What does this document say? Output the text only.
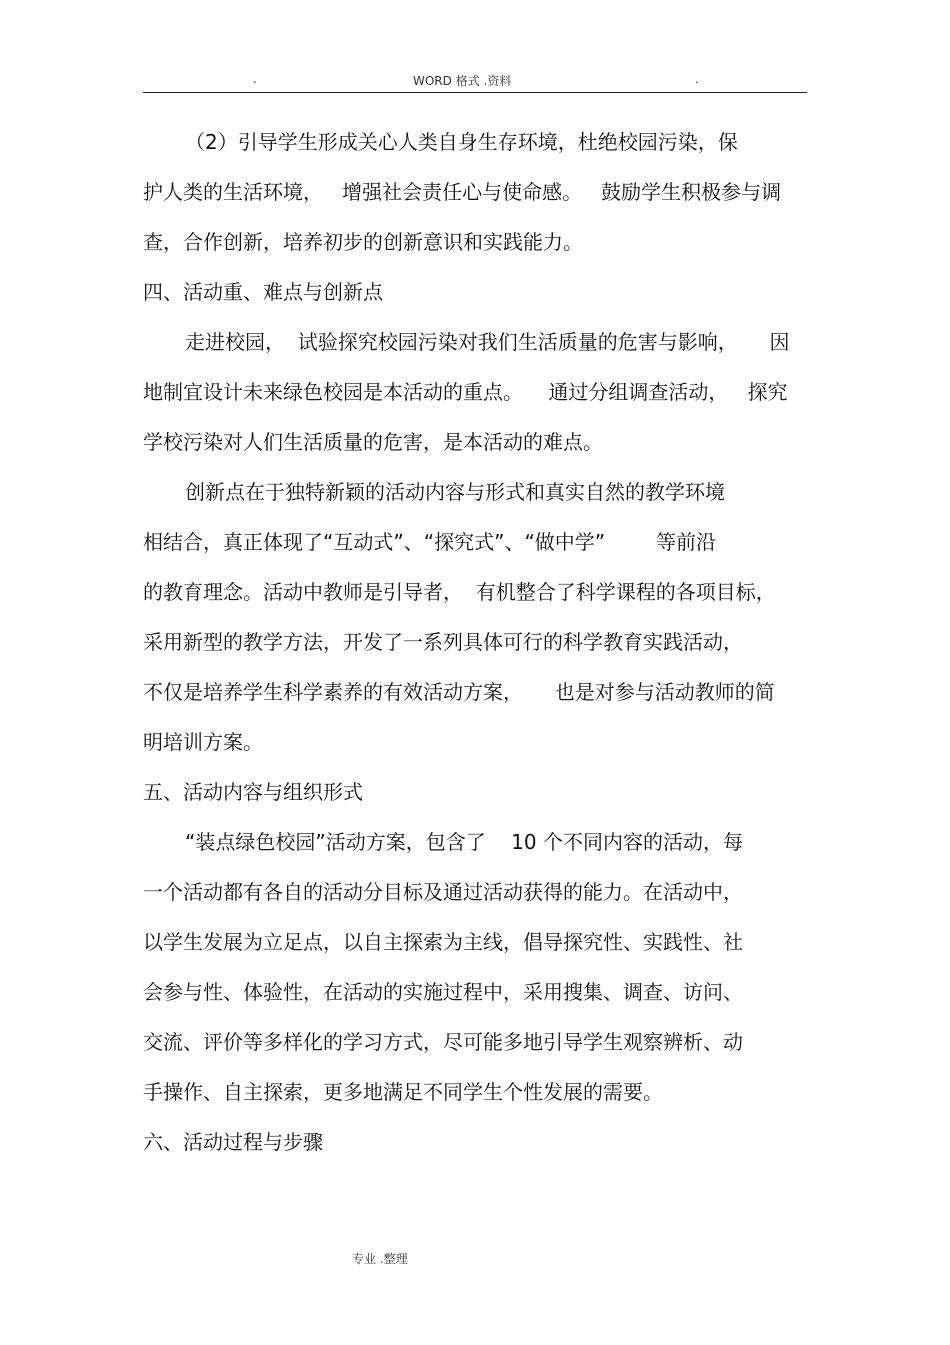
.	WORD 格式 .资料	.
（2）引导学生形成关心人类自身生存环境，杜绝校园污染，保
护人类的生活环境，   增强社会责任心与使命感。   鼓励学生积极参与调
查，合作创新，培养初步的创新意识和实践能力。
四、活动重、难点与创新点
走进校园，  试验探究校园污染对我们生活质量的危害与影响，     因
地制宜设计未来绿色校园是本活动的重点。    通过分组调查活动，   探究
学校污染对人们生活质量的危害，是本活动的难点。
创新点在于独特新颖的活动内容与形式和真实自然的教学环境
相结合，真正体现了“互动式”、“探究式”、“做中学”        等前沿
的教育理念。活动中教师是引导者，  有机整合了科学课程的各项目标，
采用新型的教学方法，开发了一系列具体可行的科学教育实践活动，
不仅是培养学生科学素养的有效活动方案，     也是对参与活动教师的简
明培训方案。
五、活动内容与组织形式
“装点绿色校园”活动方案，包含了    10 个不同内容的活动，每
一个活动都有各自的活动分目标及通过活动获得的能力。在活动中，
以学生发展为立足点，以自主探索为主线，倡导探究性、实践性、社
会参与性、体验性，在活动的实施过程中，采用搜集、调查、访问、
交流、评价等多样化的学习方式，尽可能多地引导学生观察辨析、动
手操作、自主探索，更多地满足不同学生个性发展的需要。
六、活动过程与步骤
专业 .整理
